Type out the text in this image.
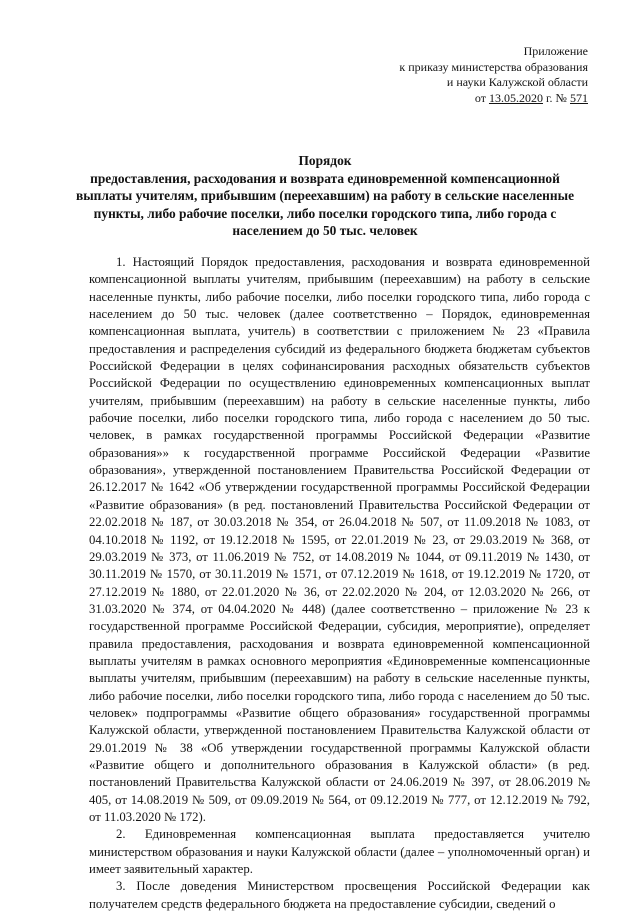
Приложение
к приказу министерства образования
и науки Калужской области
от 13.05.2020 г. № 571
Порядок
предоставления, расходования и возврата единовременной компенсационной
выплаты учителям, прибывшим (переехавшим) на работу в сельские населенные
пункты, либо рабочие поселки, либо поселки городского типа, либо города с
населением до 50 тыс. человек

1. Настоящий Порядок предоставления, расходования и возврата единовременной компенсационной выплаты учителям, прибывшим (переехавшим) на работу в сельские населенные пункты, либо рабочие поселки, либо поселки городского типа, либо города с населением до 50 тыс. человек (далее соответственно – Порядок, единовременная компенсационная выплата, учитель) в соответствии с приложением № 23 «Правила предоставления и распределения субсидий из федерального бюджета бюджетам субъектов Российской Федерации в целях софинансирования расходных обязательств субъектов Российской Федерации по осуществлению единовременных компенсационных выплат учителям, прибывшим (переехавшим) на работу в сельские населенные пункты, либо рабочие поселки, либо поселки городского типа, либо города с населением до 50 тыс. человек, в рамках государственной программы Российской Федерации «Развитие образования»» к государственной программе Российской Федерации «Развитие образования», утвержденной постановлением Правительства Российской Федерации от 26.12.2017 № 1642 «Об утверждении государственной программы Российской Федерации «Развитие образования» (в ред. постановлений Правительства Российской Федерации от 22.02.2018 № 187, от 30.03.2018 № 354, от 26.04.2018 № 507, от 11.09.2018 № 1083, от 04.10.2018 № 1192, от 19.12.2018 № 1595, от 22.01.2019 № 23, от 29.03.2019 № 368, от 29.03.2019 № 373, от 11.06.2019 № 752, от 14.08.2019 № 1044, от 09.11.2019 № 1430, от 30.11.2019 № 1570, от 30.11.2019 № 1571, от 07.12.2019 № 1618, от 19.12.2019 № 1720, от 27.12.2019 № 1880, от 22.01.2020 № 36, от 22.02.2020 № 204, от 12.03.2020 № 266, от 31.03.2020 № 374, от 04.04.2020 № 448) (далее соответственно – приложение № 23 к государственной программе Российской Федерации, субсидия, мероприятие), определяет правила предоставления, расходования и возврата единовременной компенсационной выплаты учителям в рамках основного мероприятия «Единовременные компенсационные выплаты учителям, прибывшим (переехавшим) на работу в сельские населенные пункты, либо рабочие поселки, либо поселки городского типа, либо города с населением до 50 тыс. человек» подпрограммы «Развитие общего образования» государственной программы Калужской области, утвержденной постановлением Правительства Калужской области от 29.01.2019 № 38 «Об утверждении государственной программы Калужской области «Развитие общего и дополнительного образования в Калужской области» (в ред. постановлений Правительства Калужской области от 24.06.2019 № 397, от 28.06.2019 № 405, от 14.08.2019 № 509, от 09.09.2019 № 564, от 09.12.2019 № 777, от 12.12.2019 № 792, от 11.03.2020 № 172).

2. Единовременная компенсационная выплата предоставляется учителю министерством образования и науки Калужской области (далее – уполномоченный орган) и имеет заявительный характер.

3. После доведения Министерством просвещения Российской Федерации как получателем средств федерального бюджета на предоставление субсидии, сведений о
